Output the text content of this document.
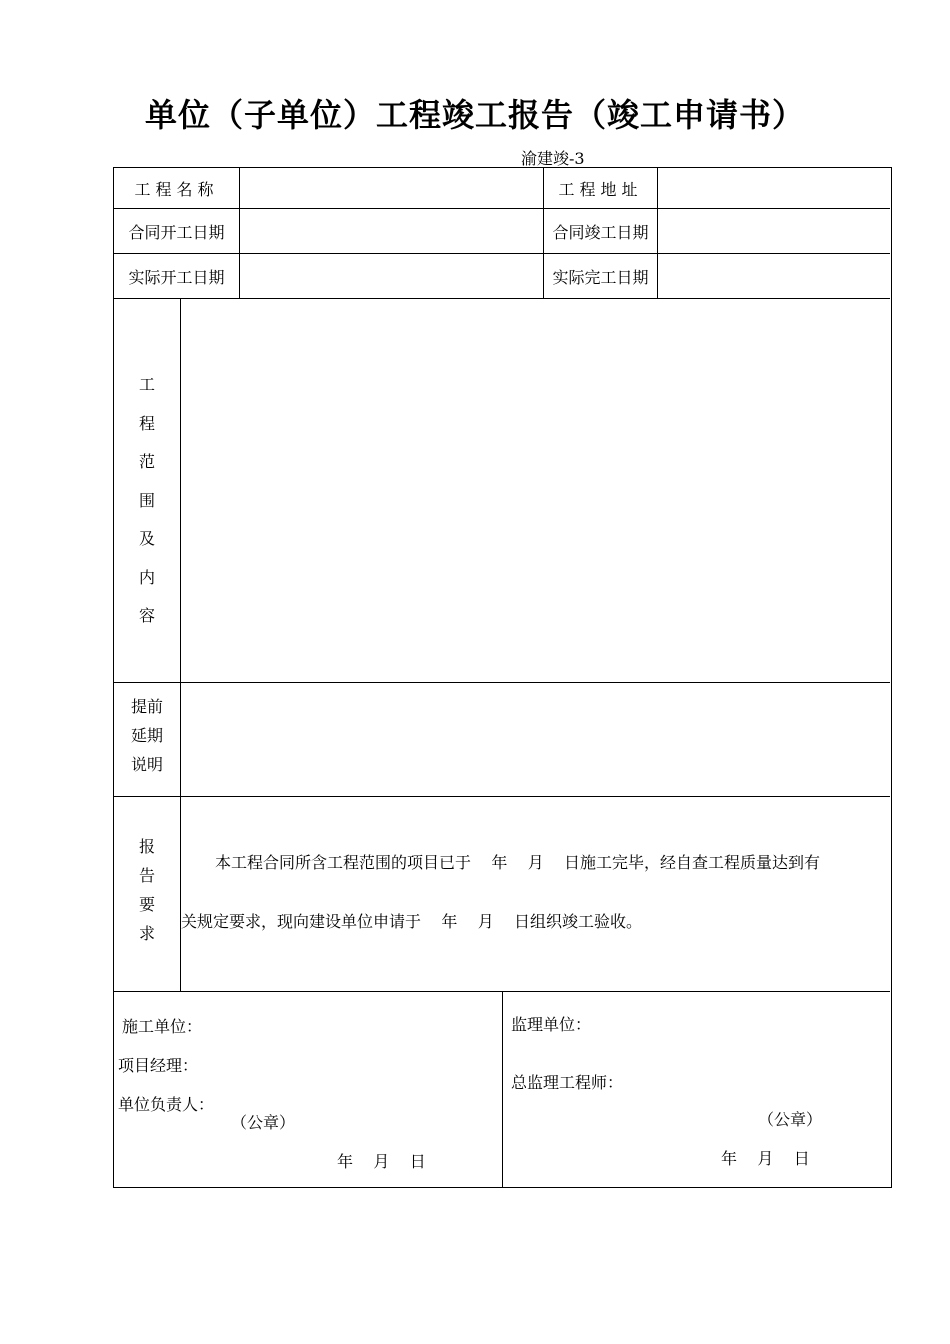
单位（子单位）工程竣工报告（竣工申请书）
渝建竣-3
工程名称	工程地址
合同开工日期	合同竣工日期
实际开工日期	实际完工日期
工
程
范
围
及
内
容
提前
延期
说明
报
告
要
求
本工程合同所含工程范围的项目已于    年    月    日施工完毕，经自查工程质量达到有
关规定要求，现向建设单位申请于    年    月    日组织竣工验收。
施工单位：
项目经理：
单位负责人：
（公章）
年    月    日
监理单位：
总监理工程师：
（公章）
年    月    日
